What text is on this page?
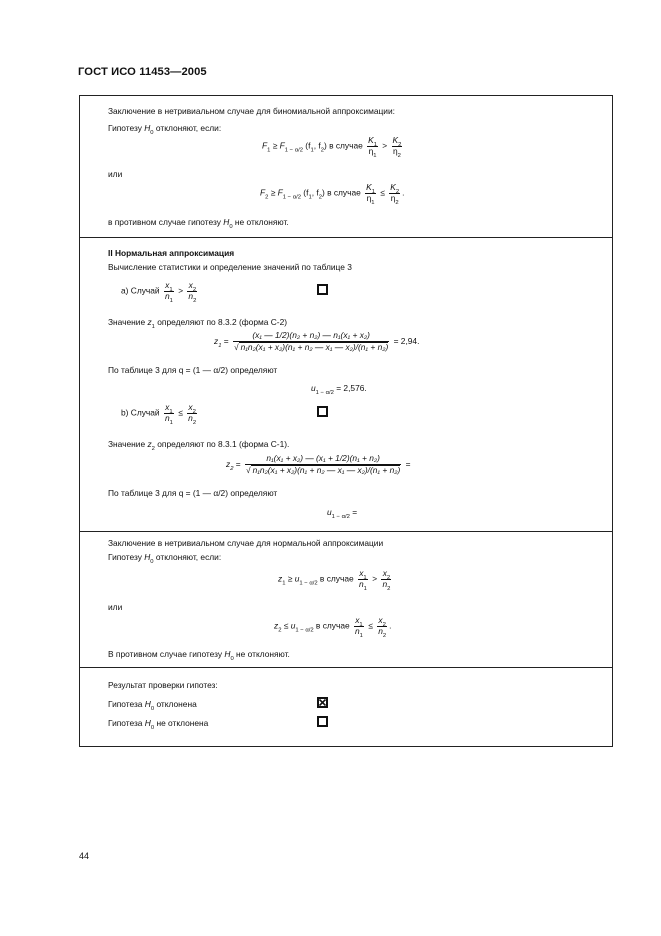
ГОСТ ИСО 11453—2005
Заключение в нетривиальном случае для биномиальной аппроксимации:
Гипотезу $H_0$ отклоняют, если:
$F_1 \ge F_{1 - \alpha/2}$ ($f_1$, $f_2$) в случае $\frac{K_1}{\eta_1} > \frac{K_2}{\eta_2}$
или
$F_2 \ge F_{1 - \alpha/2}$ ($f_1$, $f_2$) в случае $\frac{K_1}{\eta_1} \le \frac{K_2}{\eta_2}$ .
в противном случае гипотезу $H_0$ не отклоняют.
II Нормальная аппроксимация
Вычисление статистики и определение значений по таблице 3
а) Случай $\frac{x_1}{n_1} > \frac{x_2}{n_2}$
Значение $z_1$ определяют по 8.3.2 (форма С-2)
$z_1 = \frac{\text{(x₁ — 1/2)(n₂ + n₂) — n₁(x₁ + x₂)}}{\text{√ n₁n₂(x₁ + x₂)(n₁ + n₂ — x₁ — x₂)/(n₁ + n₂)}} = 2,94$.
По таблице 3 для q = (1 — α/2) определяют
$u_{1 - \alpha/2} = 2,576$.
b) Случай $\frac{x_1}{n_1} \le \frac{x_2}{n_2}$
Значение $z_2$ определяют по 8.3.1 (форма С-1).
$z_2 = \frac{\text{n₁(x₁ + x₂) — (x₁ + 1/2)(n₁ + n₂)}}{\text{√ n₁n₂(x₁ + x₂)(n₁ + n₂ — x₁ — x₂)/(n₁ + n₂)}}$ =
По таблице 3 для q = (1 — α/2) определяют
$u_{1 - \alpha/2}$ =
Заключение в нетривиальном случае для нормальной аппроксимации
Гипотезу $H_0$ отклоняют, если:
$z_1 \ge u_{1 - \alpha/2}$ в случае $\frac{x_1}{n_1} > \frac{x_2}{n_2}$
или
$z_2 \le u_{1 - \alpha/2}$ в случае $\frac{x_1}{n_1} \le \frac{x_2}{n_2}$ .
В противном случае гипотезу $H_0$ не отклоняют.
Результат проверки гипотез:
Гипотеза $H_0$ отклонена
Гипотеза $H_0$ не отклонена
44
